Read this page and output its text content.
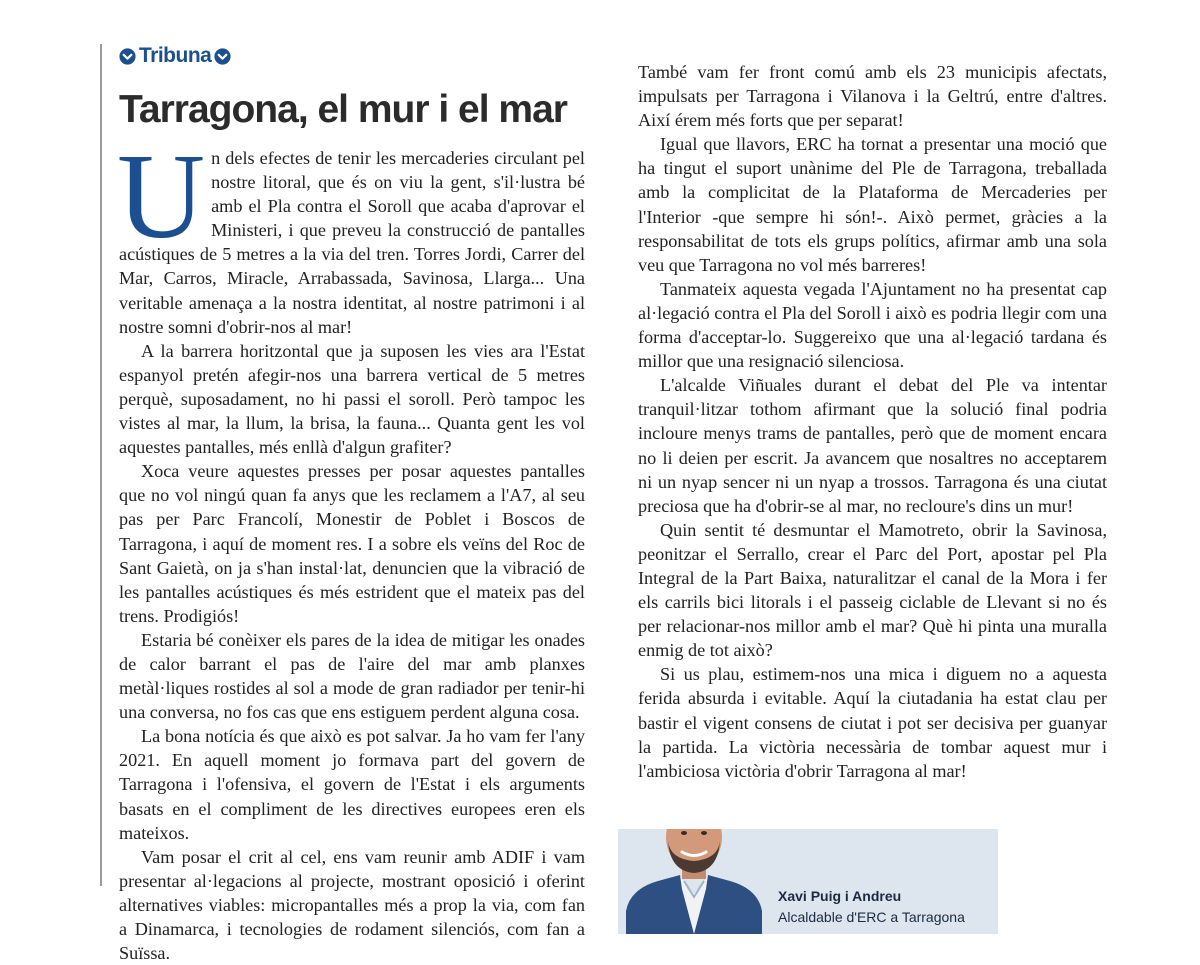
Tribuna
Tarragona, el mur i el mar

Un dels efectes de tenir les mercaderies circulant pel nostre litoral, que és on viu la gent, s'il·lustra bé amb el Pla contra el Soroll que acaba d'aprovar el Ministeri, i que preveu la construcció de pantalles acústiques de 5 metres a la via del tren. Torres Jordi, Carrer del Mar, Carros, Miracle, Arrabassada, Savinosa, Llarga... Una veritable amenaça a la nostra identitat, al nostre patrimoni i al nostre somni d'obrir-nos al mar!

A la barrera horitzontal que ja suposen les vies ara l'Estat espanyol pretén afegir-nos una barrera vertical de 5 metres perquè, suposadament, no hi passi el soroll. Però tampoc les vistes al mar, la llum, la brisa, la fauna... Quanta gent les vol aquestes pantalles, més enllà d'algun grafiter?

Xoca veure aquestes presses per posar aquestes pantalles que no vol ningú quan fa anys que les reclamem a l'A7, al seu pas per Parc Francolí, Monestir de Poblet i Boscos de Tarragona, i aquí de moment res. I a sobre els veïns del Roc de Sant Gaietà, on ja s'han instal·lat, denuncien que la vibració de les pantalles acústiques és més estrident que el mateix pas del trens. Prodigiós!

Estaria bé conèixer els pares de la idea de mitigar les onades de calor barrant el pas de l'aire del mar amb planxes metàl·liques rostides al sol a mode de gran radiador per tenir-hi una conversa, no fos cas que ens estiguem perdent alguna cosa.

La bona notícia és que això es pot salvar. Ja ho vam fer l'any 2021. En aquell moment jo formava part del govern de Tarragona i l'ofensiva, el govern de l'Estat i els arguments basats en el compliment de les directives europees eren els mateixos.

Vam posar el crit al cel, ens vam reunir amb ADIF i vam presentar al·legacions al projecte, mostrant oposició i oferint alternatives viables: micropantalles més a prop la via, com fan a Dinamarca, i tecnologies de rodament silenciós, com fan a Suïssa.

També vam fer front comú amb els 23 municipis afectats, impulsats per Tarragona i Vilanova i la Geltrú, entre d'altres. Així érem més forts que per separat!

Igual que llavors, ERC ha tornat a presentar una moció que ha tingut el suport unànime del Ple de Tarragona, treballada amb la complicitat de la Plataforma de Mercaderies per l'Interior -que sempre hi són!-. Això permet, gràcies a la responsabilitat de tots els grups polítics, afirmar amb una sola veu que Tarragona no vol més barreres!

Tanmateix aquesta vegada l'Ajuntament no ha presentat cap al·legació contra el Pla del Soroll i això es podria llegir com una forma d'acceptar-lo. Suggereixo que una al·legació tardana és millor que una resignació silenciosa.

L'alcalde Viñuales durant el debat del Ple va intentar tranquil·litzar tothom afirmant que la solució final podria incloure menys trams de pantalles, però que de moment encara no li deien per escrit. Ja avancem que nosaltres no acceptarem ni un nyap sencer ni un nyap a trossos. Tarragona és una ciutat preciosa que ha d'obrir-se al mar, no recloure's dins un mur!

Quin sentit té desmuntar el Mamotreto, obrir la Savinosa, peonitzar el Serrallo, crear el Parc del Port, apostar pel Pla Integral de la Part Baixa, naturalitzar el canal de la Mora i fer els carrils bici litorals i el passeig ciclable de Llevant si no és per relacionar-nos millor amb el mar? Què hi pinta una muralla enmig de tot això?

Si us plau, estimem-nos una mica i diguem no a aquesta ferida absurda i evitable. Aquí la ciutadania ha estat clau per bastir el vigent consens de ciutat i pot ser decisiva per guanyar la partida. La victòria necessària de tombar aquest mur i l'ambiciosa victòria d'obrir Tarragona al mar!

Xavi Puig i Andreu
Alcaldable d'ERC a Tarragona
